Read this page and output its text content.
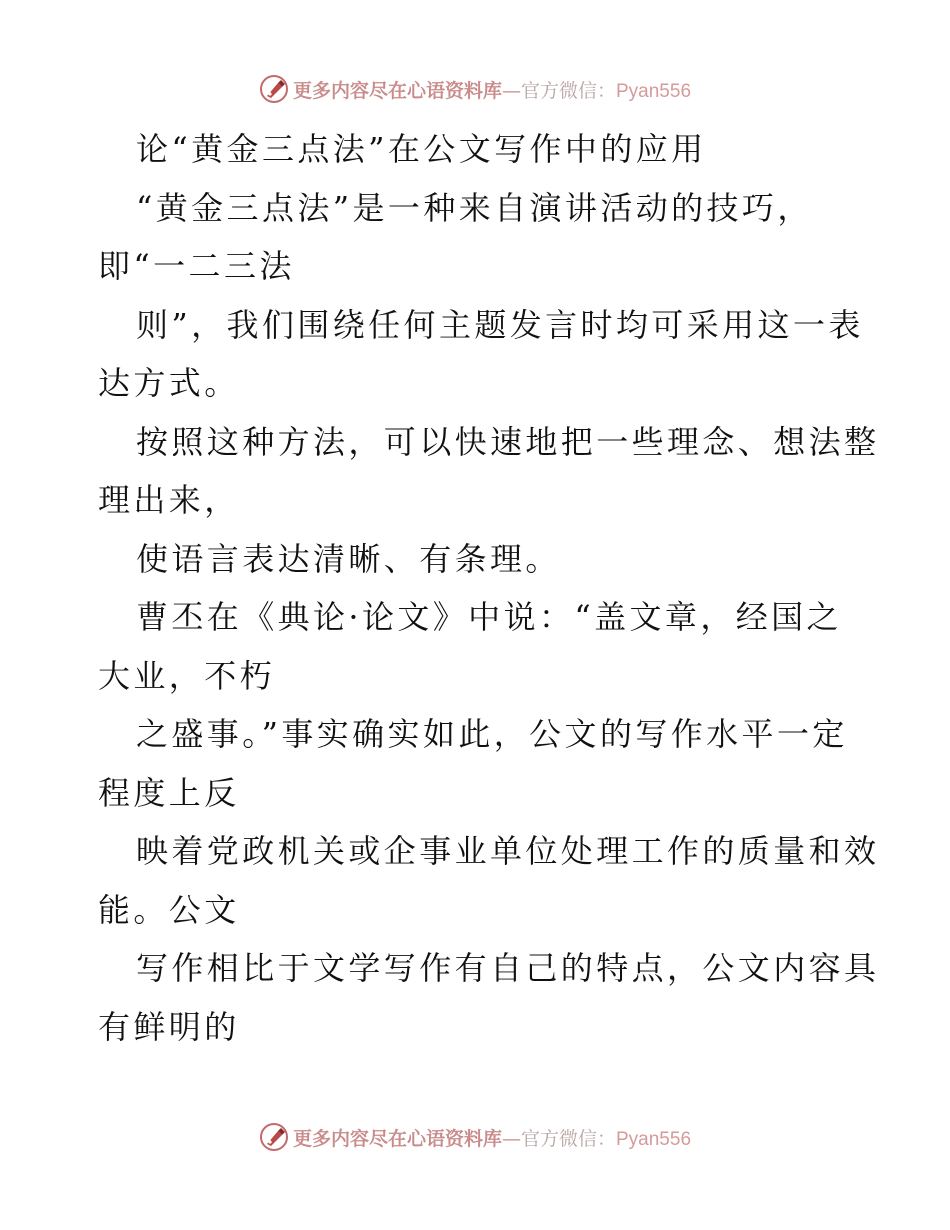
更多内容尽在心语资料库—官方微信：Pyan556
论“黄金三点法”在公文写作中的应用
“黄金三点法”是一种来自演讲活动的技巧，
即“一二三法
则”，我们围绕任何主题发言时均可采用这一表
达方式。
按照这种方法，可以快速地把一些理念、想法整
理出来，
使语言表达清晰、有条理。
曹丕在《典论·论文》中说：“盖文章，经国之
大业，不朽
之盛事。”事实确实如此，公文的写作水平一定
程度上反
映着党政机关或企事业单位处理工作的质量和效
能。公文
写作相比于文学写作有自己的特点，公文内容具
有鲜明的
更多内容尽在心语资料库—官方微信：Pyan556
